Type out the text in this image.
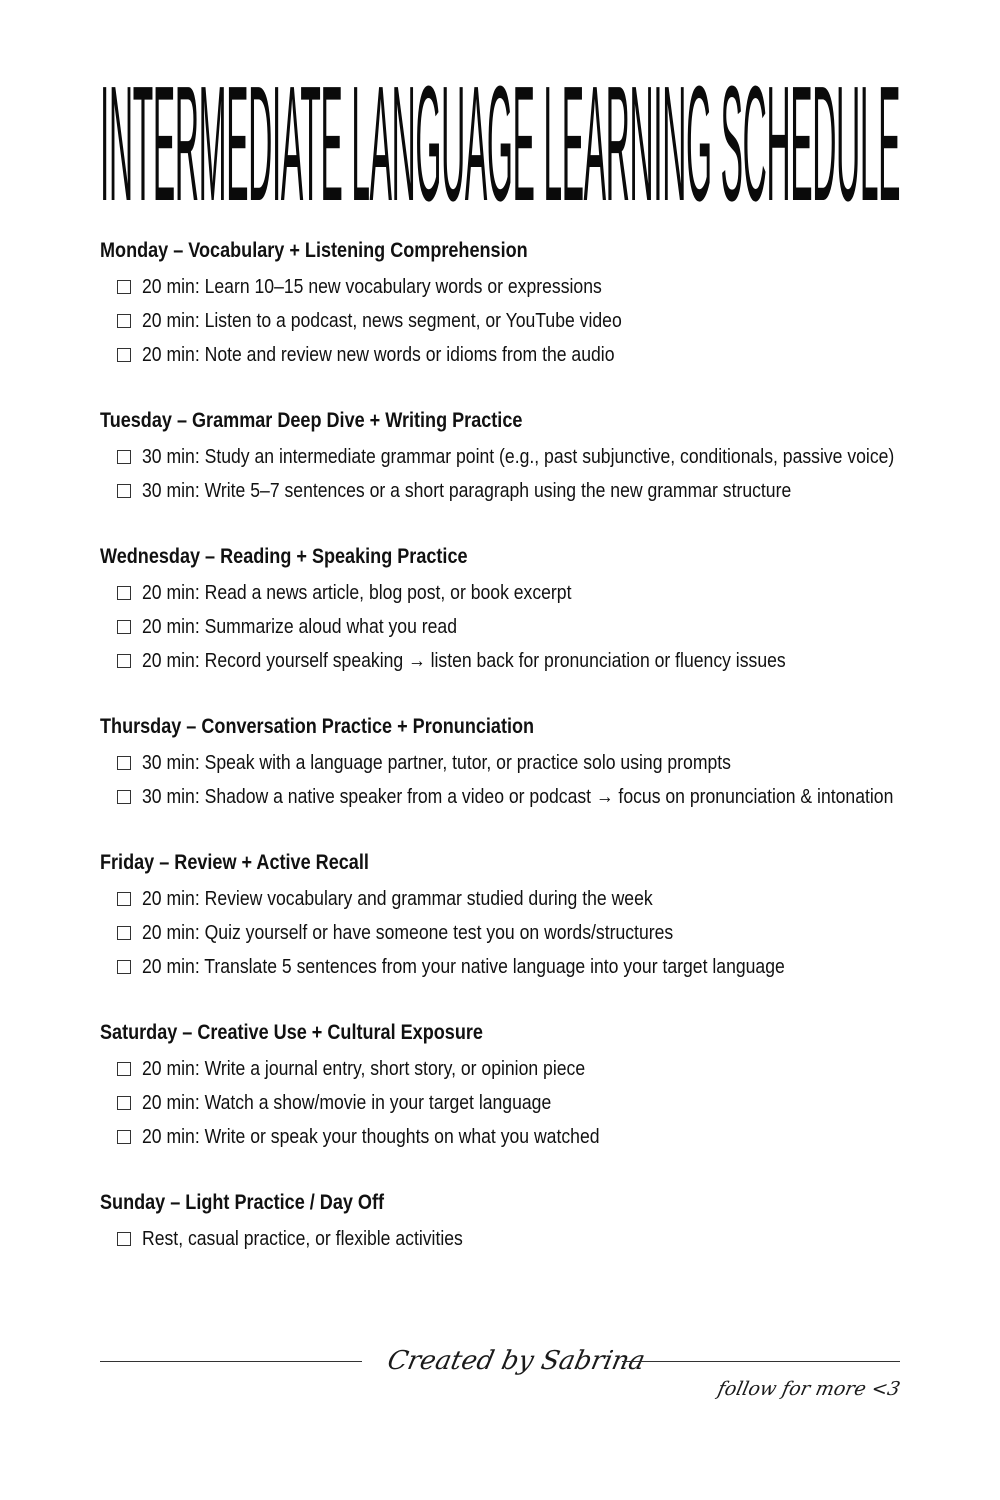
INTERMEDIATE LANGUAGE LEARNING SCHEDULE
Monday – Vocabulary + Listening Comprehension
20 min: Learn 10–15 new vocabulary words or expressions
20 min: Listen to a podcast, news segment, or YouTube video
20 min: Note and review new words or idioms from the audio
Tuesday – Grammar Deep Dive + Writing Practice
30 min: Study an intermediate grammar point (e.g., past subjunctive, conditionals, passive voice)
30 min: Write 5–7 sentences or a short paragraph using the new grammar structure
Wednesday – Reading + Speaking Practice
20 min: Read a news article, blog post, or book excerpt
20 min: Summarize aloud what you read
20 min: Record yourself speaking → listen back for pronunciation or fluency issues
Thursday – Conversation Practice + Pronunciation
30 min: Speak with a language partner, tutor, or practice solo using prompts
30 min: Shadow a native speaker from a video or podcast → focus on pronunciation & intonation
Friday – Review + Active Recall
20 min: Review vocabulary and grammar studied during the week
20 min: Quiz yourself or have someone test you on words/structures
20 min: Translate 5 sentences from your native language into your target language
Saturday – Creative Use + Cultural Exposure
20 min: Write a journal entry, short story, or opinion piece
20 min: Watch a show/movie in your target language
20 min: Write or speak your thoughts on what you watched
Sunday – Light Practice / Day Off
Rest, casual practice, or flexible activities
Created by Sabrina
follow for more <3
